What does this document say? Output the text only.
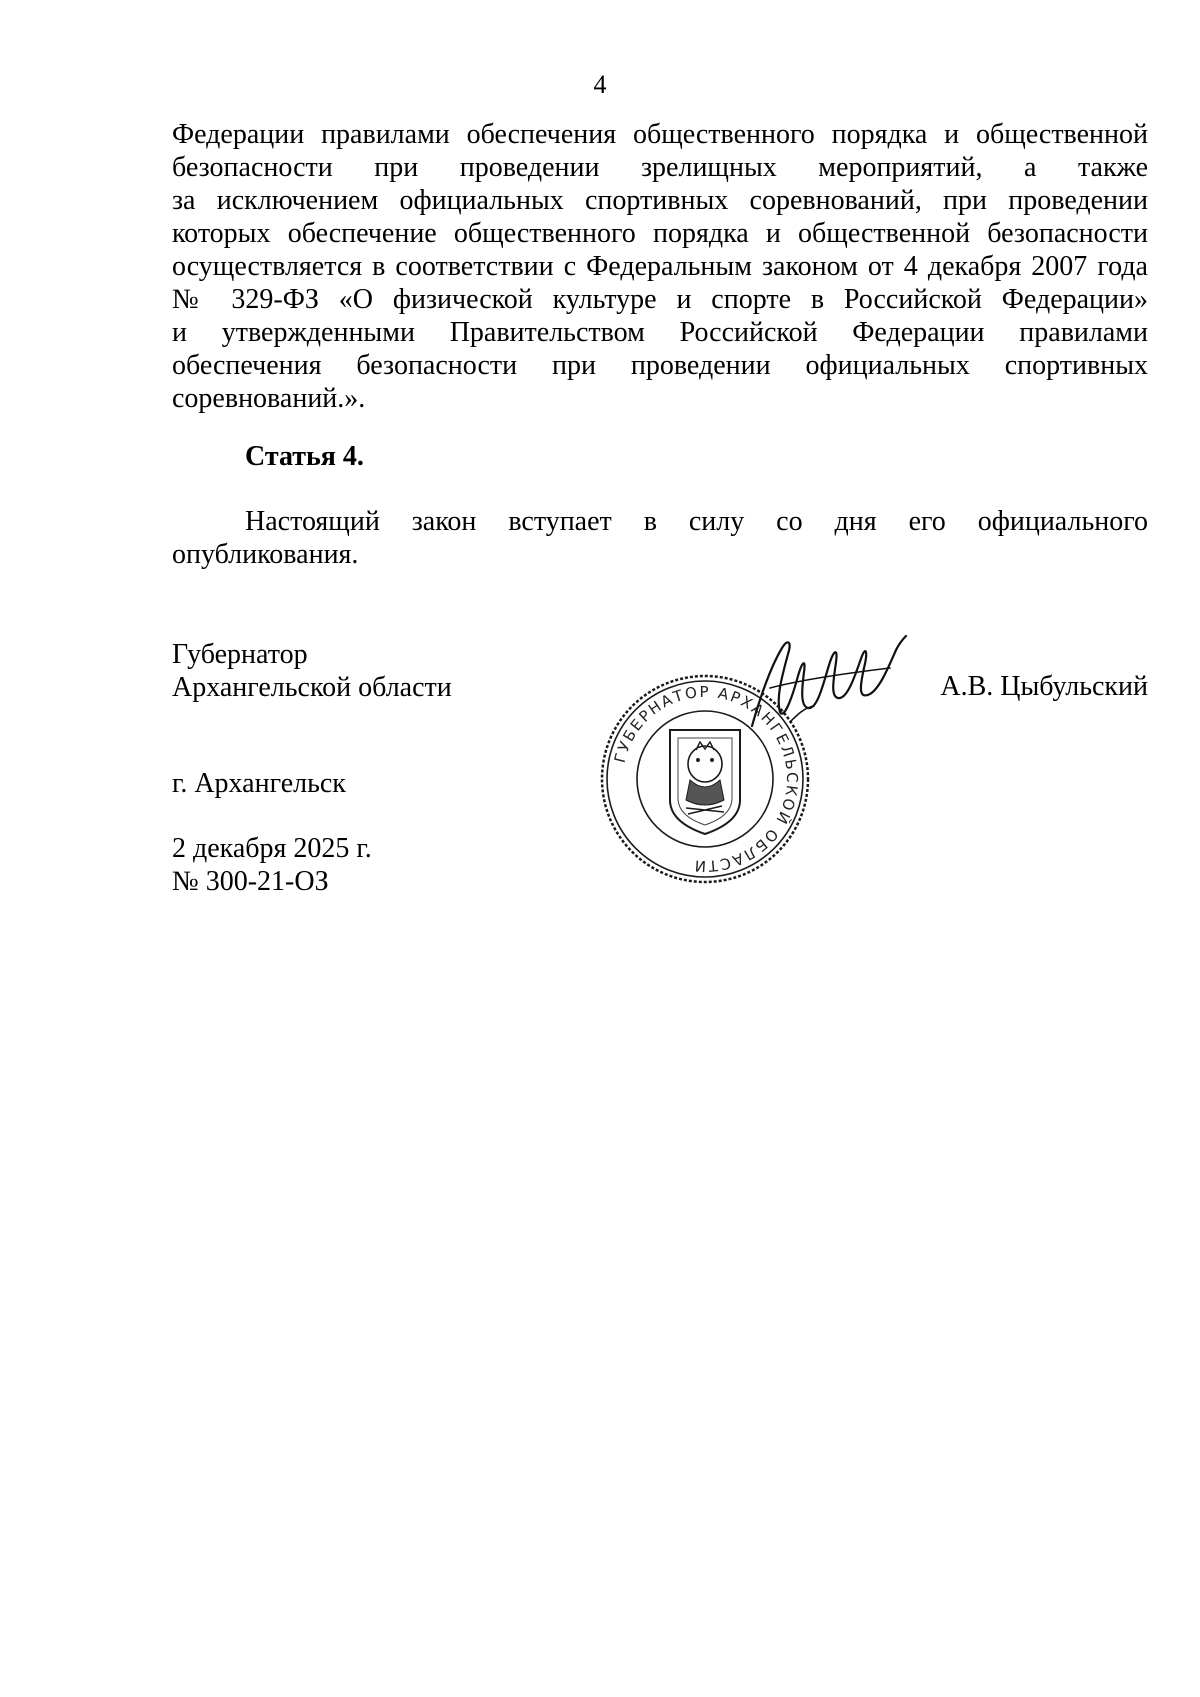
4
Федерации правилами обеспечения общественного порядка и общественной
безопасности при проведении зрелищных мероприятий, а также
за исключением официальных спортивных соревнований, при проведении
которых обеспечение общественного порядка и общественной безопасности
осуществляется в соответствии с Федеральным законом от 4 декабря 2007 года
№ 329-ФЗ «О физической культуре и спорте в Российской Федерации»
и утвержденными Правительством Российской Федерации правилами
обеспечения безопасности при проведении официальных спортивных
соревнований.».
Статья 4.
Настоящий закон вступает в силу со дня его официального
опубликования.
Губернатор
Архангельской области	А.В. Цыбульский
г. Архангельск
2 декабря 2025 г.
№ 300-21-ОЗ
ГУБЕРНАТОР АРХАНГЕЛЬСКОЙ ОБЛАСТИ
